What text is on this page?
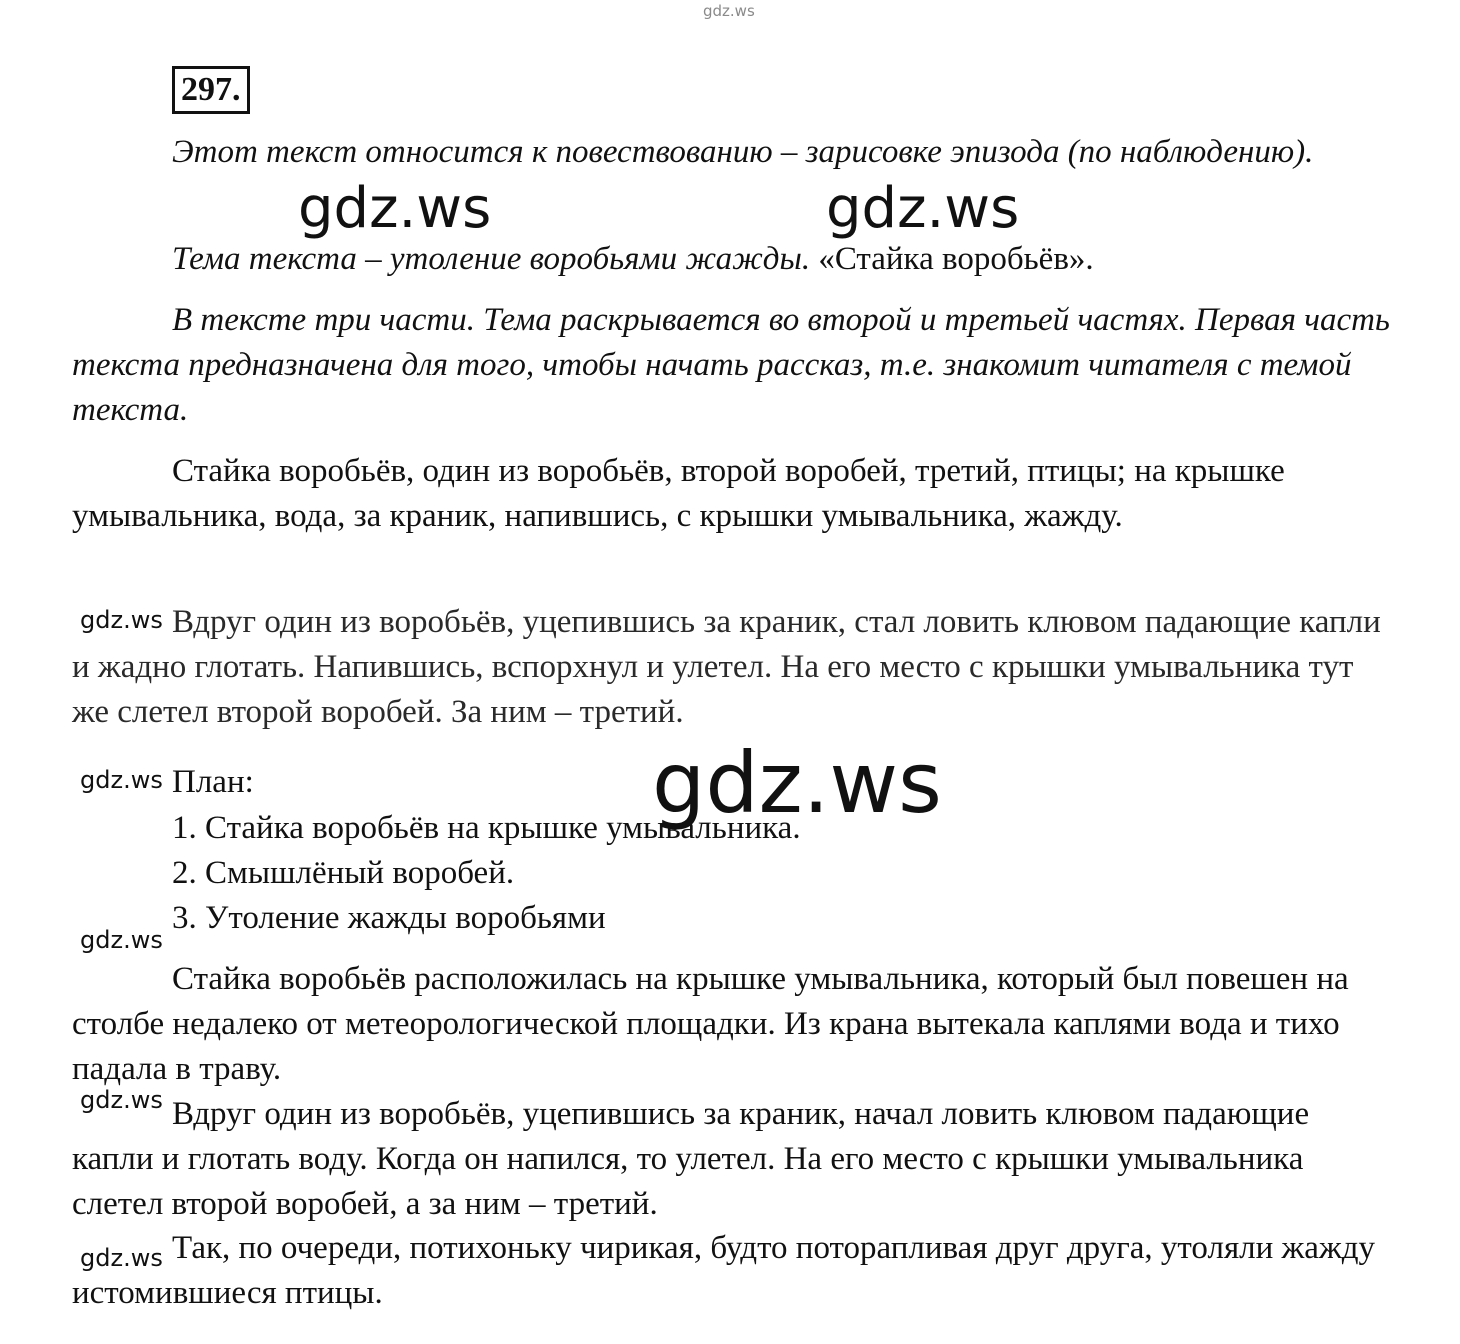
gdz.ws
297.

Этот текст относится к повествованию – зарисовке эпизода (по наблюдению).

gdz.ws	gdz.ws

Тема текста – утоление воробьями жажды. «Стайка воробьёв».

В тексте три части. Тема раскрывается во второй и третьей частях. Первая часть текста предназначена для того, чтобы начать рассказ, т.е. знакомит читателя с темой текста.

Стайка воробьёв, один из воробьёв, второй воробей, третий, птицы; на крышке умывальника, вода, за краник, напившись, с крышки умывальника, жажду.

gdz.ws Вдруг один из воробьёв, уцепившись за краник, стал ловить клювом падающие капли и жадно глотать. Напившись, вспорхнул и улетел. На его место с крышки умывальника тут же слетел второй воробей. За ним – третий.

gdz.ws План:
1. Стайка воробьёв на крышке умывальника.
2. Смышлёный воробей.
3. Утоление жажды воробьями
gdz.ws
gdz.ws

Стайка воробьёв расположилась на крышке умывальника, который был повешен на столбе недалеко от метеорологической площадки. Из крана вытекала каплями вода и тихо падала в траву.

gdz.ws Вдруг один из воробьёв, уцепившись за краник, начал ловить клювом падающие капли и глотать воду. Когда он напился, то улетел. На его место с крышки умывальника слетел второй воробей, а за ним – третий.

gdz.ws Так, по очереди, потихоньку чирикая, будто поторапливая друг друга, утоляли жажду истомившиеся птицы.
